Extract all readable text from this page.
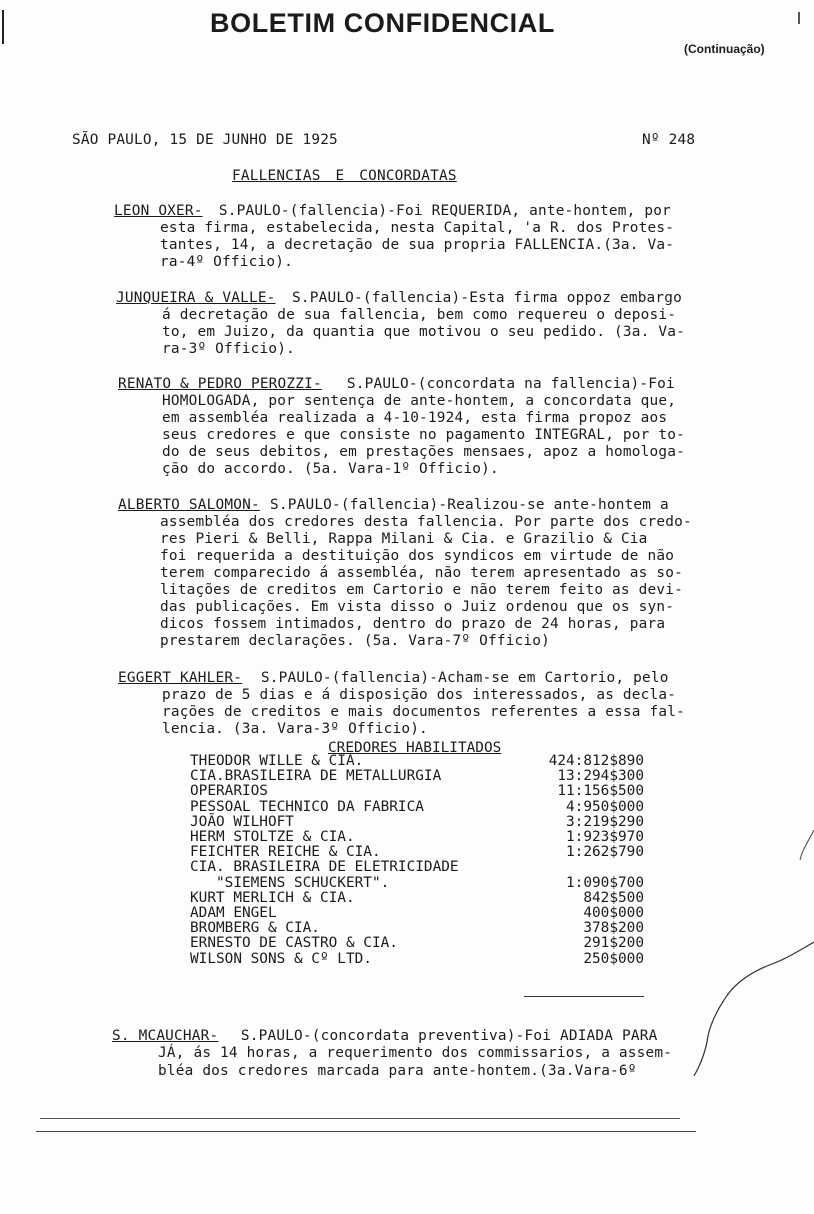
BOLETIM CONFIDENCIAL
(Continuação)
SÃO PAULO, 15 DE JUNHO DE 1925	Nº 248
FALLENCIAS E CONCORDATAS
LEON OXER- S.PAULO-(fallencia)-Foi REQUERIDA, ante-hontem, por
esta firma, estabelecida, nesta Capital, 'a R. dos Protes-
tantes, 14, a decretação de sua propria FALLENCIA.(3a. Va-
ra-4º Officio).
JUNQUEIRA & VALLE- S.PAULO-(fallencia)-Esta firma oppoz embargo
á decretação de sua fallencia, bem como requereu o deposi-
to, em Juizo, da quantia que motivou o seu pedido. (3a. Va-
ra-3º Officio).
RENATO & PEDRO PEROZZI- S.PAULO-(concordata na fallencia)-Foi
HOMOLOGADA, por sentença de ante-hontem, a concordata que,
em assembléa realizada a 4-10-1924, esta firma propoz aos
seus credores e que consiste no pagamento INTEGRAL, por to-
do de seus debitos, em prestações mensaes, apoz a homologa-
ção do accordo. (5a. Vara-1º Officio).
ALBERTO SALOMON- S.PAULO-(fallencia)-Realizou-se ante-hontem a
assembléa dos credores desta fallencia. Por parte dos credo-
res Pieri & Belli, Rappa Milani & Cia. e Grazilio & Cia
foi requerida a destituição dos syndicos em virtude de não
terem comparecido á assembléa, não terem apresentado as so-
litações de creditos em Cartorio e não terem feito as devi-
das publicações. Em vista disso o Juiz ordenou que os syn-
dicos fossem intimados, dentro do prazo de 24 horas, para
prestarem declarações. (5a. Vara-7º Officio)
EGGERT KAHLER- S.PAULO-(fallencia)-Acham-se em Cartorio, pelo
prazo de 5 dias e á disposição dos interessados, as decla-
rações de creditos e mais documentos referentes a essa fal-
lencia. (3a. Vara-3º Officio).
CREDORES HABILITADOS
THEODOR WILLE & CIA.	424:812$890
CIA.BRASILEIRA DE METALLURGIA	13:294$300
OPERARIOS	11:156$500
PESSOAL TECHNICO DA FABRICA	4:950$000
JOÃO WILHOFT	3:219$290
HERM STOLTZE & CIA.	1:923$970
FEICHTER REICHE & CIA.	1:262$790
CIA. BRASILEIRA DE ELETRICIDADE	
"SIEMENS SCHUCKERT".	1:090$700
KURT MERLICH & CIA.	842$500
ADAM ENGEL	400$000
BROMBERG & CIA.	378$200
ERNESTO DE CASTRO & CIA.	291$200
WILSON SONS & Cº LTD.	250$000
S. MCAUCHAR- S.PAULO-(concordata preventiva)-Foi ADIADA PARA
JÁ, ás 14 horas, a requerimento dos commissarios, a assem-
bléa dos credores marcada para ante-hontem.(3a.Vara-6º
